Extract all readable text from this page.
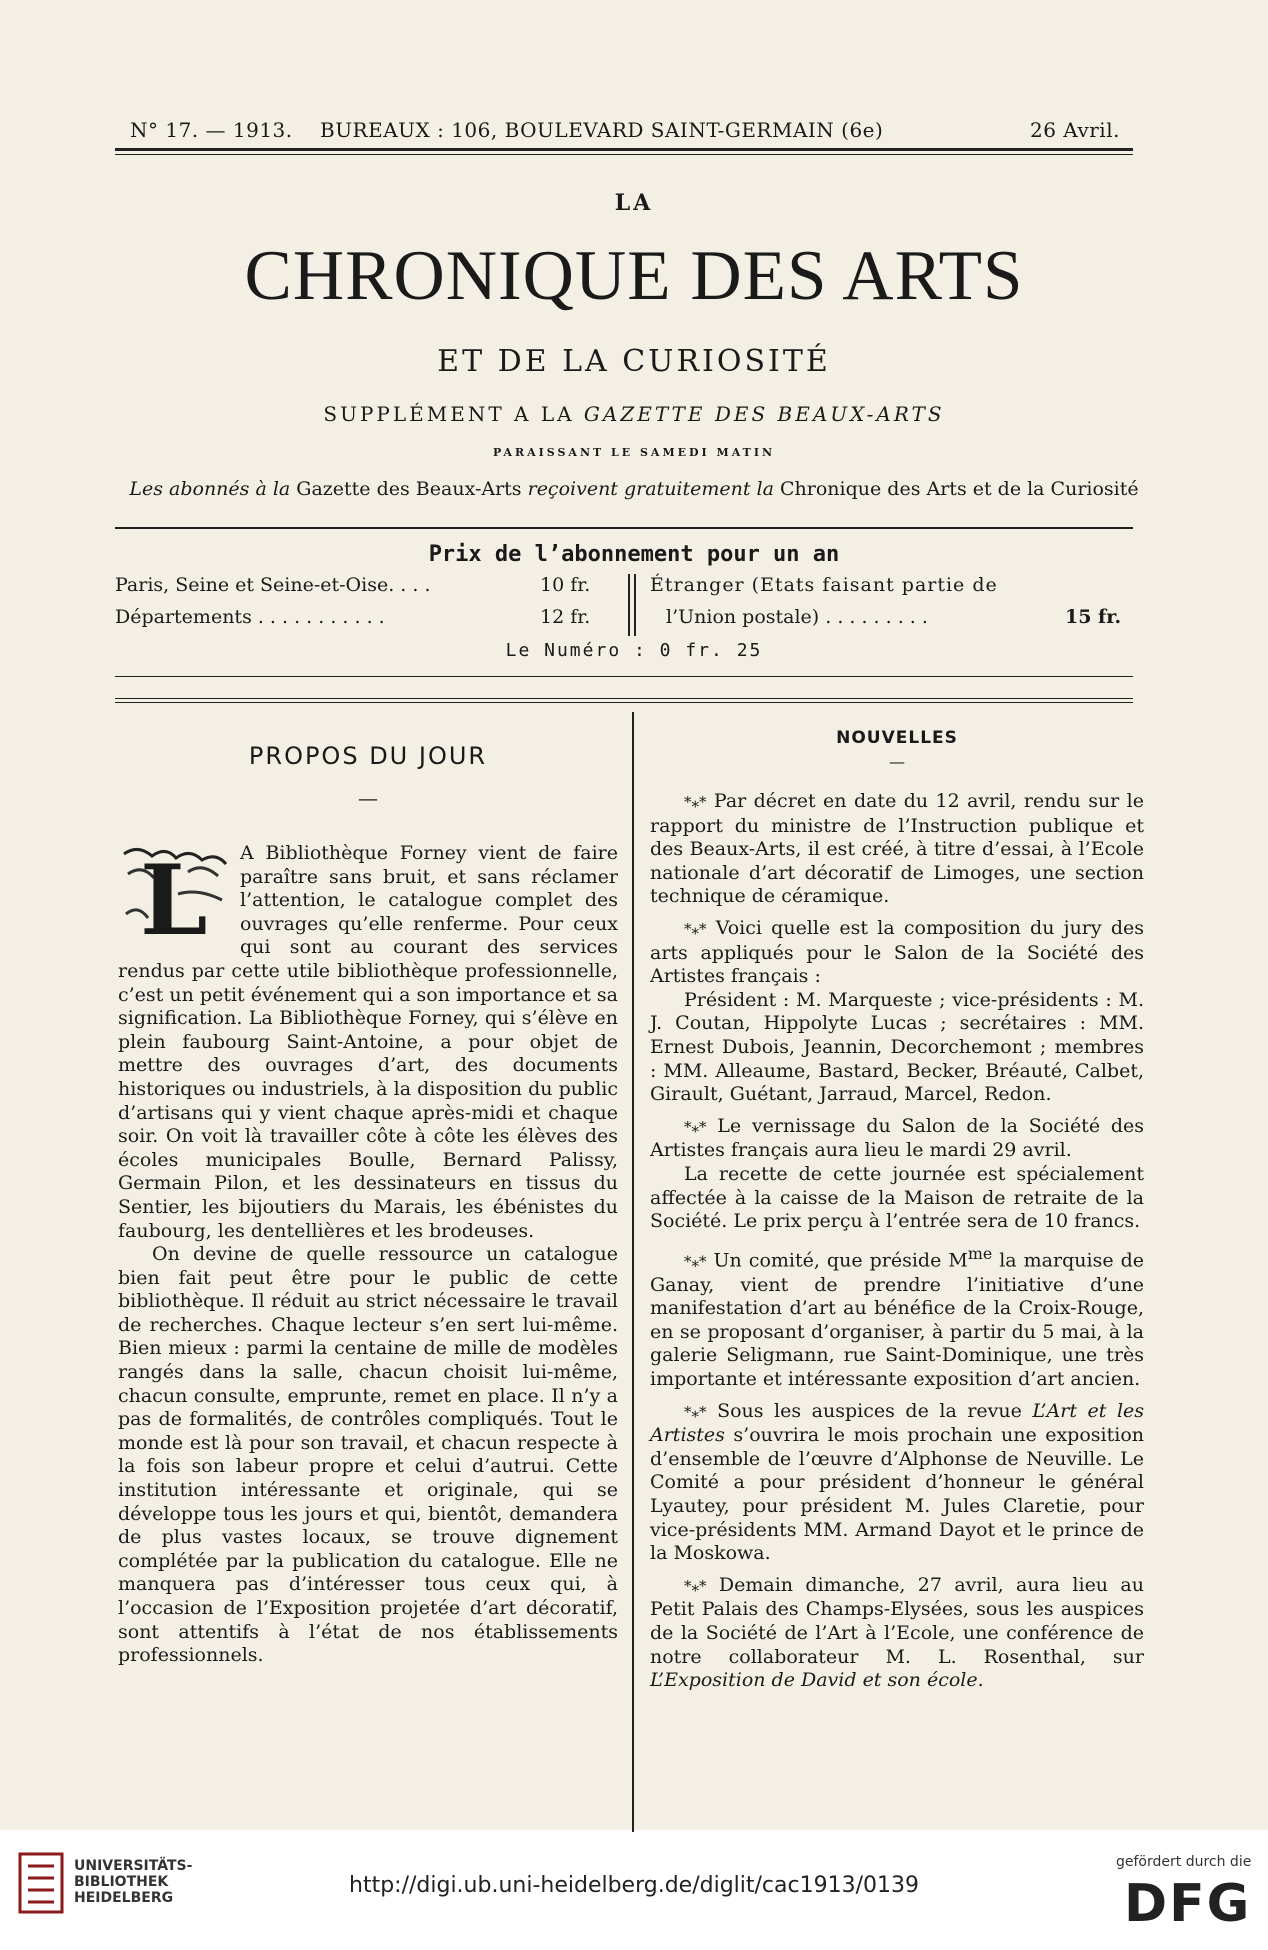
N° 17. — 1913. BUREAUX : 106, BOULEVARD SAINT-GERMAIN (6e)	26 Avril.
LA
CHRONIQUE DES ARTS
ET DE LA CURIOSITÉ
SUPPLÉMENT A LA GAZETTE DES BEAUX-ARTS
PARAISSANT LE SAMEDI MATIN
Les abonnés à la Gazette des Beaux-Arts reçoivent gratuitement la Chronique des Arts et de la Curiosité
Prix de l’abonnement pour un an
Paris, Seine et Seine-et-Oise. . . .	10 fr.
Départements . . . . . . . . . . .	12 fr.
Étranger (Etats faisant partie de
l’Union postale) . . . . . . . . .	15 fr.
Le Numéro : 0 fr. 25
PROPOS DU JOUR
—
L	A Bibliothèque Forney vient de faire paraître sans bruit, et sans réclamer l’attention, le catalogue complet des ouvrages qu’elle renferme. Pour ceux qui sont au courant des services rendus par cette utile bibliothèque professionnelle, c’est un petit événement qui a son importance et sa signification. La Bibliothèque Forney, qui s’élève en plein faubourg Saint-Antoine, a pour objet de mettre des ouvrages d’art, des documents historiques ou industriels, à la disposition du public d’artisans qui y vient chaque après-midi et chaque soir. On voit là travailler côte à côte les élèves des écoles municipales Boulle, Bernard Palissy, Germain Pilon, et les dessinateurs en tissus du Sentier, les bijoutiers du Marais, les ébénistes du faubourg, les dentellières et les brodeuses.

On devine de quelle ressource un catalogue bien fait peut être pour le public de cette bibliothèque. Il réduit au strict nécessaire le travail de recherches. Chaque lecteur s’en sert lui-même. Bien mieux : parmi la centaine de mille de modèles rangés dans la salle, chacun choisit lui-même, chacun consulte, emprunte, remet en place. Il n’y a pas de formalités, de contrôles compliqués. Tout le monde est là pour son travail, et chacun respecte à la fois son labeur propre et celui d’autrui. Cette institution intéressante et originale, qui se développe tous les jours et qui, bientôt, demandera de plus vastes locaux, se trouve dignement complétée par la publication du catalogue. Elle ne manquera pas d’intéresser tous ceux qui, à l’occasion de l’Exposition projetée d’art décoratif, sont attentifs à l’état de nos établissements professionnels.

NOUVELLES
—

*⁎* Par décret en date du 12 avril, rendu sur le rapport du ministre de l’Instruction publique et des Beaux-Arts, il est créé, à titre d’essai, à l’Ecole nationale d’art décoratif de Limoges, une section technique de céramique.

*⁎* Voici quelle est la composition du jury des arts appliqués pour le Salon de la Société des Artistes français :

Président : M. Marqueste ; vice-présidents : M. J. Coutan, Hippolyte Lucas ; secrétaires : MM. Ernest Dubois, Jeannin, Decorchemont ; membres : MM. Alleaume, Bastard, Becker, Bréauté, Calbet, Girault, Guétant, Jarraud, Marcel, Redon.

*⁎* Le vernissage du Salon de la Société des Artistes français aura lieu le mardi 29 avril.

La recette de cette journée est spécialement affectée à la caisse de la Maison de retraite de la Société. Le prix perçu à l’entrée sera de 10 francs.

*⁎* Un comité, que préside $M^{me}$ la marquise de Ganay, vient de prendre l’initiative d’une manifestation d’art au bénéfice de la Croix-Rouge, en se proposant d’organiser, à partir du 5 mai, à la galerie Seligmann, rue Saint-Dominique, une très importante et intéressante exposition d’art ancien.

*⁎* Sous les auspices de la revue L’Art et les Artistes s’ouvrira le mois prochain une exposition d’ensemble de l’œuvre d’Alphonse de Neuville. Le Comité a pour président d’honneur le général Lyautey, pour président M. Jules Claretie, pour vice-présidents MM. Armand Dayot et le prince de la Moskowa.

*⁎* Demain dimanche, 27 avril, aura lieu au Petit Palais des Champs-Elysées, sous les auspices de la Société de l’Art à l’Ecole, une conférence de notre collaborateur M. L. Rosenthal, sur L’Exposition de David et son école.

UNIVERSITÄTS-
BIBLIOTHEK
HEIDELBERG	http://digi.ub.uni-heidelberg.de/diglit/cac1913/0139
gefördert durch die
DFG
